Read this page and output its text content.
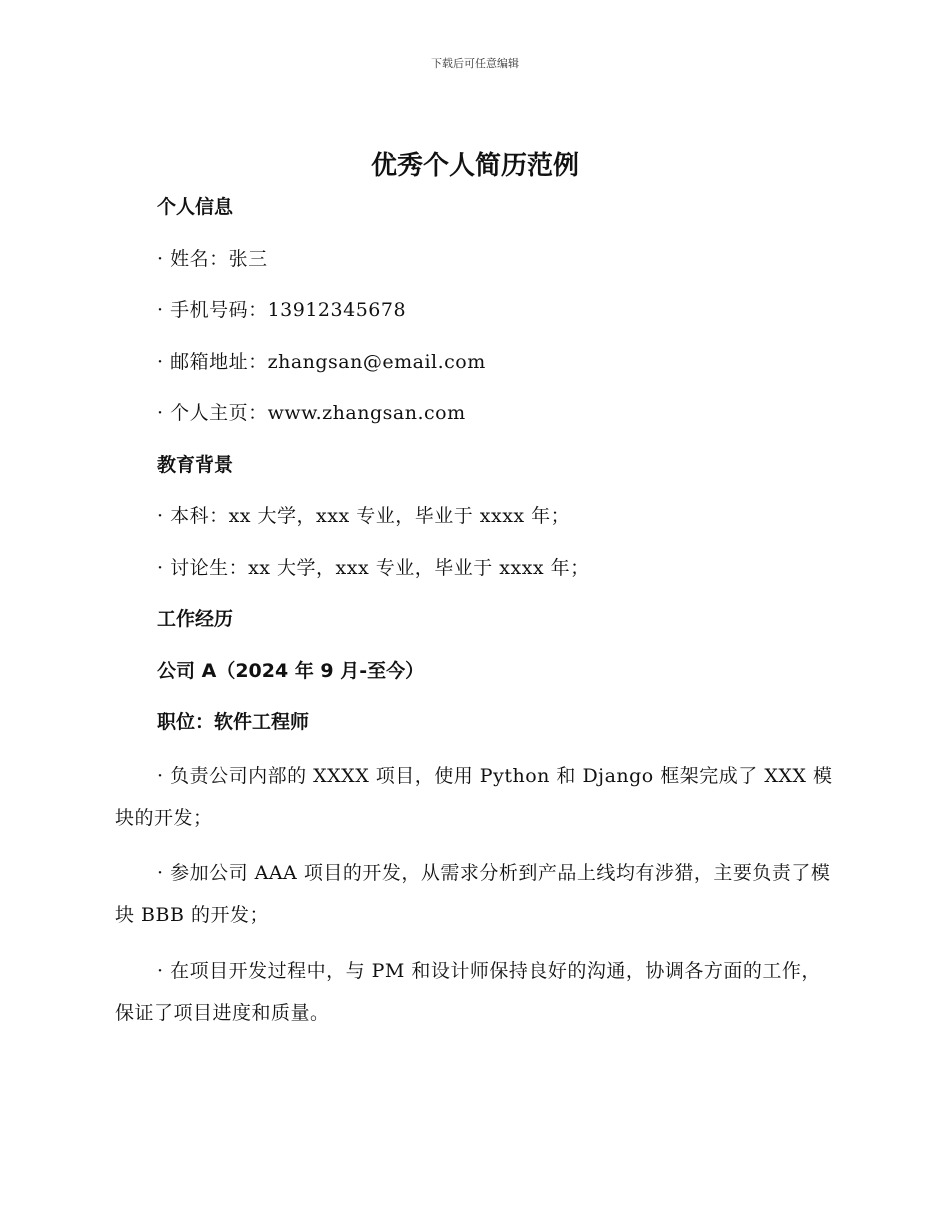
下载后可任意编辑
优秀个人简历范例
个人信息
· 姓名：张三
· 手机号码：13912345678
· 邮箱地址：zhangsan@email.com
· 个人主页：www.zhangsan.com
教育背景
· 本科：xx 大学，xxx 专业，毕业于 xxxx 年；
· 讨论生：xx 大学，xxx 专业，毕业于 xxxx 年；
工作经历
公司 A（2024 年 9 月-至今）
职位：软件工程师

· 负责公司内部的 XXXX 项目，使用 Python 和 Django 框架完成了 XXX 模块的开发；

· 参加公司 AAA 项目的开发，从需求分析到产品上线均有涉猎，主要负责了模块 BBB 的开发；

· 在项目开发过程中，与 PM 和设计师保持良好的沟通，协调各方面的工作，保证了项目进度和质量。
